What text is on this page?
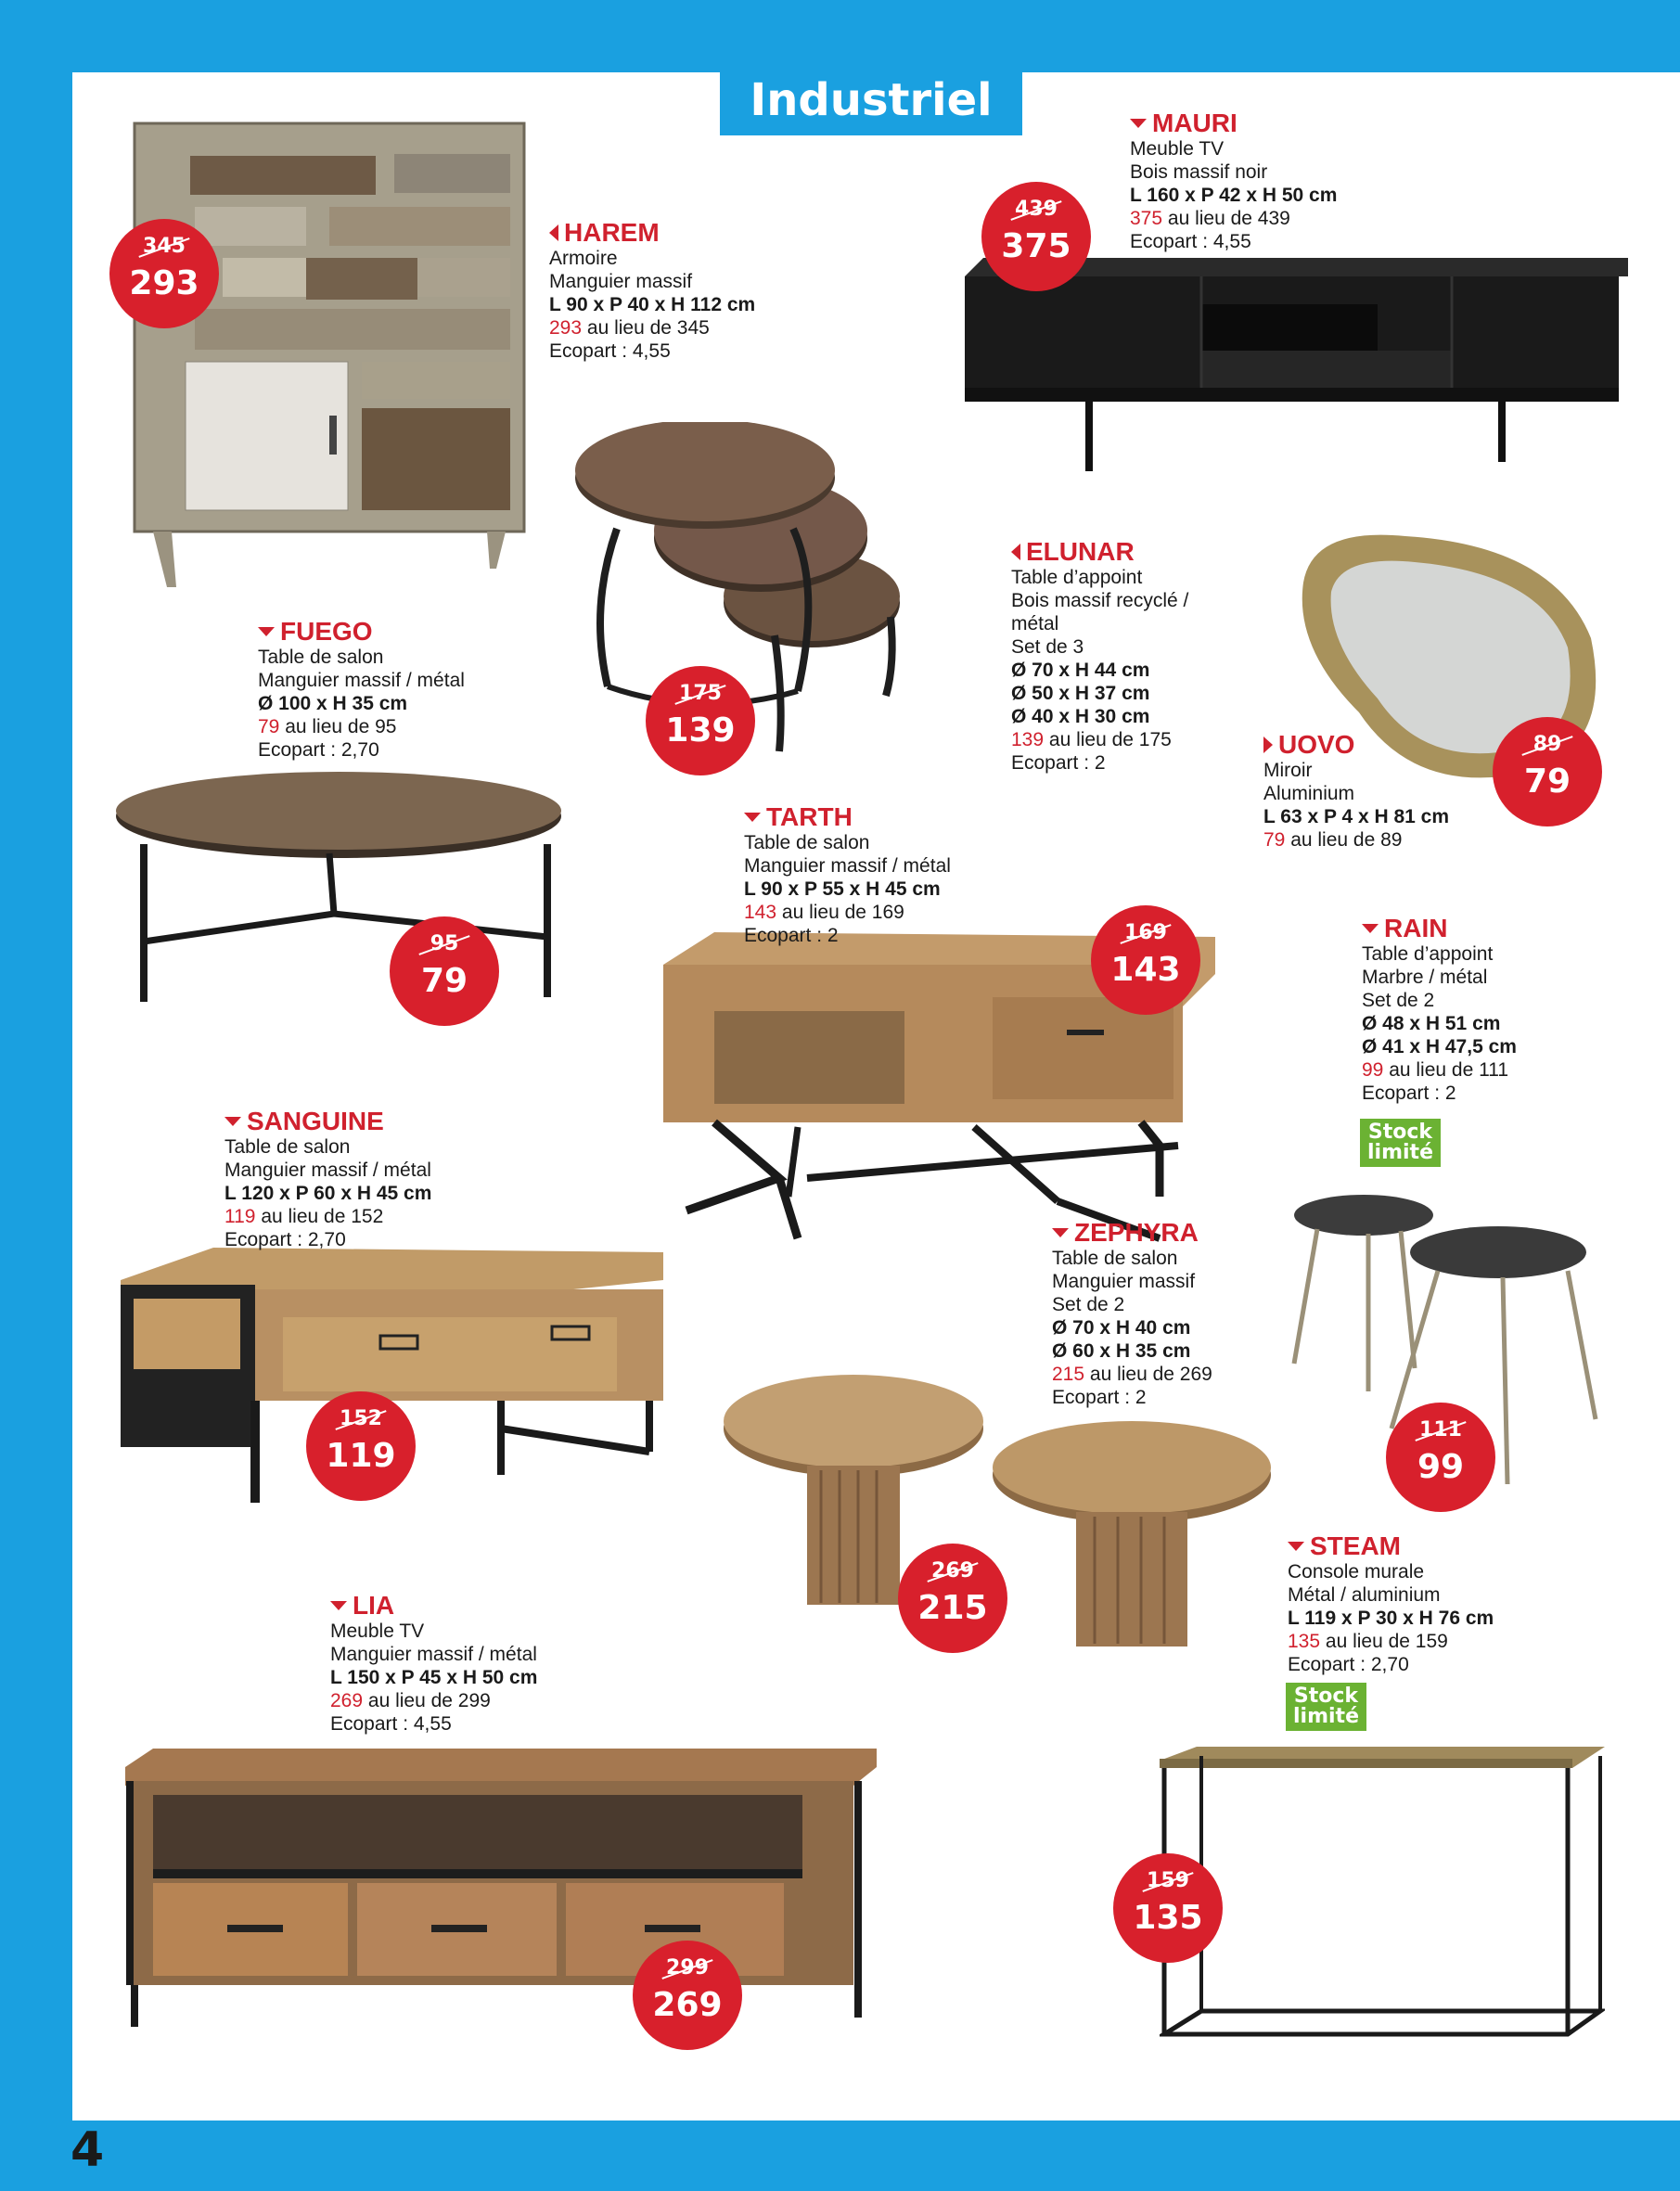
4
Industriel
345
293
439
375
175
139	89
79
95
79
169
143
152
119
111
99
269
215
159
135
299
269
HAREM
Armoire
Manguier massif
L 90 x P 40 x H 112 cm
293 au lieu de 345
Ecopart : 4,55
MAURI
Meuble TV
Bois massif noir
L 160 x P 42 x H 50 cm
375 au lieu de 439
Ecopart : 4,55
FUEGO
Table de salon
Manguier massif / métal
Ø 100 x H 35 cm
79 au lieu de 95
Ecopart : 2,70
ELUNAR
Table d’appoint
Bois massif recyclé /
métal
Set de 3
Ø 70 x H 44 cm
Ø 50 x H 37 cm
Ø 40 x H 30 cm
139 au lieu de 175
Ecopart : 2
UOVO
Miroir
Aluminium
L 63 x P 4 x H 81 cm
79 au lieu de 89
TARTH
Table de salon
Manguier massif / métal
L 90 x P 55 x H 45 cm
143 au lieu de 169
Ecopart : 2	RAIN
Table d’appoint
Marbre / métal
Set de 2
Ø 48 x H 51 cm
Ø 41 x H 47,5 cm
99 au lieu de 111
Ecopart : 2
Stock
limité
SANGUINE
Table de salon
Manguier massif / métal
L 120 x P 60 x H 45 cm
119 au lieu de 152
Ecopart : 2,70	ZEPHYRA
Table de salon
Manguier massif
Set de 2
Ø 70 x H 40 cm
Ø 60 x H 35 cm
215 au lieu de 269
Ecopart : 2
STEAM
Console murale
Métal / aluminium
L 119 x P 30 x H 76 cm
135 au lieu de 159
Ecopart : 2,70
Stock
limité
LIA
Meuble TV
Manguier massif / métal
L 150 x P 45 x H 50 cm
269 au lieu de 299
Ecopart : 4,55
